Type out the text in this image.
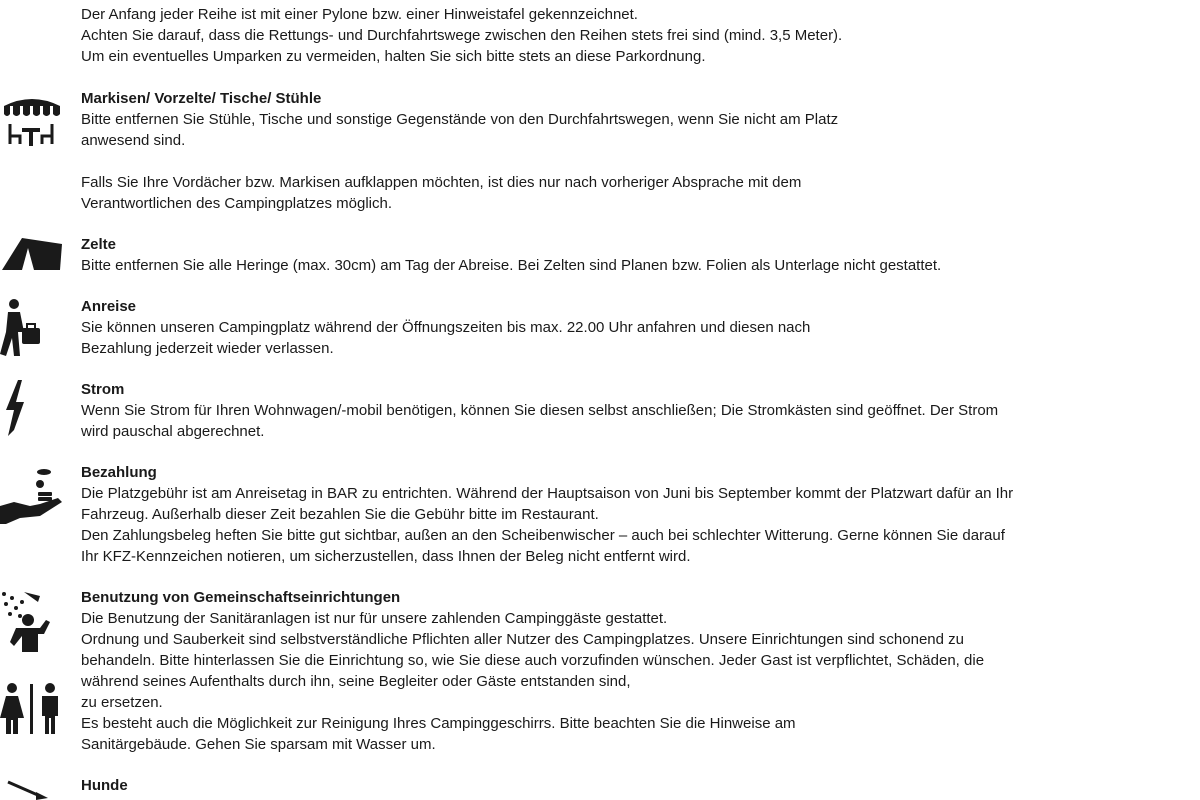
Der Anfang jeder Reihe ist mit einer Pylone bzw. einer Hinweistafel gekennzeichnet.
Achten Sie darauf, dass die Rettungs- und Durchfahrtswege zwischen den Reihen stets frei sind (mind. 3,5 Meter).
Um ein eventuelles Umparken zu vermeiden, halten Sie sich bitte stets an diese Parkordnung.
Markisen/ Vorzelte/ Tische/ Stühle
Bitte entfernen Sie Stühle, Tische und sonstige Gegenstände von den Durchfahrtswegen, wenn Sie nicht am Platz
anwesend sind.
Falls Sie Ihre Vordächer bzw. Markisen aufklappen möchten, ist dies nur nach vorheriger Absprache mit dem
Verantwortlichen des Campingplatzes möglich.
Zelte
Bitte entfernen Sie alle Heringe (max. 30cm) am Tag der Abreise. Bei Zelten sind Planen bzw. Folien als Unterlage nicht gestattet.
Anreise
Sie können unseren Campingplatz während der Öffnungszeiten bis max. 22.00 Uhr anfahren und diesen nach
Bezahlung jederzeit wieder verlassen.
Strom
Wenn Sie Strom für Ihren Wohnwagen/-mobil benötigen, können Sie diesen selbst anschließen; Die Stromkästen sind geöffnet. Der Strom
wird pauschal abgerechnet.
Bezahlung
Die Platzgebühr ist am Anreisetag in BAR zu entrichten. Während der Hauptsaison von Juni bis September kommt der Platzwart dafür an Ihr
Fahrzeug. Außerhalb dieser Zeit bezahlen Sie die Gebühr bitte im Restaurant.
Den Zahlungsbeleg heften Sie bitte gut sichtbar, außen an den Scheibenwischer – auch bei schlechter Witterung. Gerne können Sie darauf
Ihr KFZ-Kennzeichen notieren, um sicherzustellen, dass Ihnen der Beleg nicht entfernt wird.
Benutzung von Gemeinschaftseinrichtungen
Die Benutzung der Sanitäranlagen ist nur für unsere zahlenden Campinggäste gestattet.
Ordnung und Sauberkeit sind selbstverständliche Pflichten aller Nutzer des Campingplatzes. Unsere Einrichtungen sind schonend zu
behandeln. Bitte hinterlassen Sie die Einrichtung so, wie Sie diese auch vorzufinden wünschen. Jeder Gast ist verpflichtet, Schäden, die
während seines Aufenthalts durch ihn, seine Begleiter oder Gäste entstanden sind,
zu ersetzen.
Es besteht auch die Möglichkeit zur Reinigung Ihres Campinggeschirrs. Bitte beachten Sie die Hinweise am
Sanitärgebäude. Gehen Sie sparsam mit Wasser um.
Hunde
